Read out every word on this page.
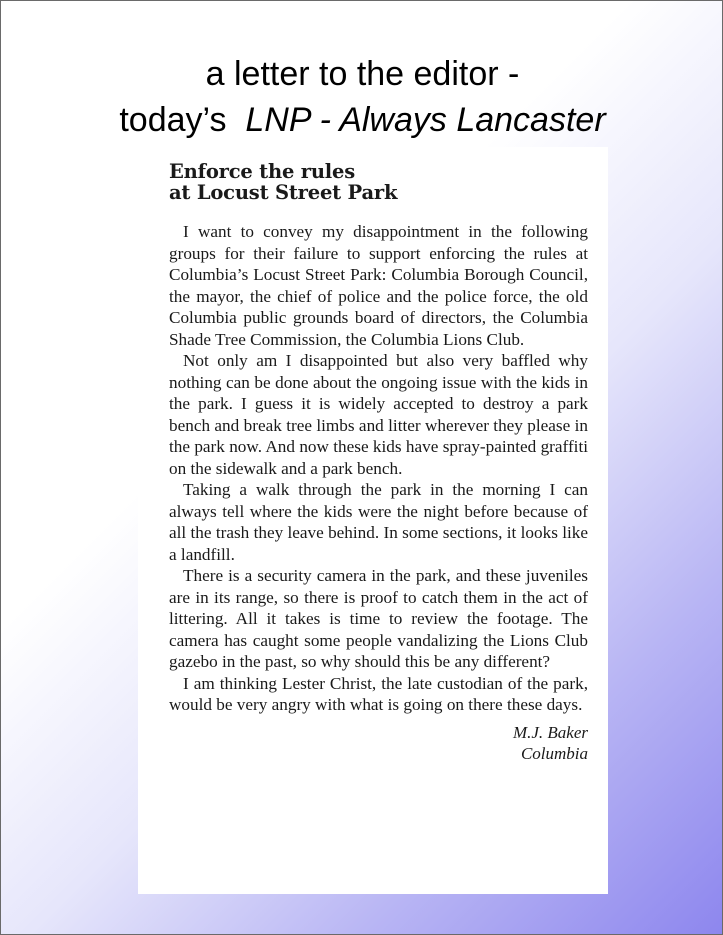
a letter to the editor -
today’s  LNP - Always Lancaster
Enforce the rules
at Locust Street Park

I want to convey my disappointment in the following groups for their failure to support enforcing the rules at Columbia’s Locust Street Park: Columbia Borough Council, the mayor, the chief of police and the police force, the old Columbia public grounds board of directors, the Columbia Shade Tree Commission, the Columbia Lions Club.

Not only am I disappointed but also very baffled why nothing can be done about the ongoing issue with the kids in the park. I guess it is widely accepted to destroy a park bench and break tree limbs and litter wherever they please in the park now. And now these kids have spray-painted graffiti on the sidewalk and a park bench.

Taking a walk through the park in the morning I can always tell where the kids were the night before because of all the trash they leave behind. In some sections, it looks like a landfill.

There is a security camera in the park, and these juveniles are in its range, so there is proof to catch them in the act of littering. All it takes is time to review the footage. The camera has caught some people vandalizing the Lions Club gazebo in the past, so why should this be any different?

I am thinking Lester Christ, the late custodian of the park, would be very angry with what is going on there these days.

M.J. Baker
Columbia
